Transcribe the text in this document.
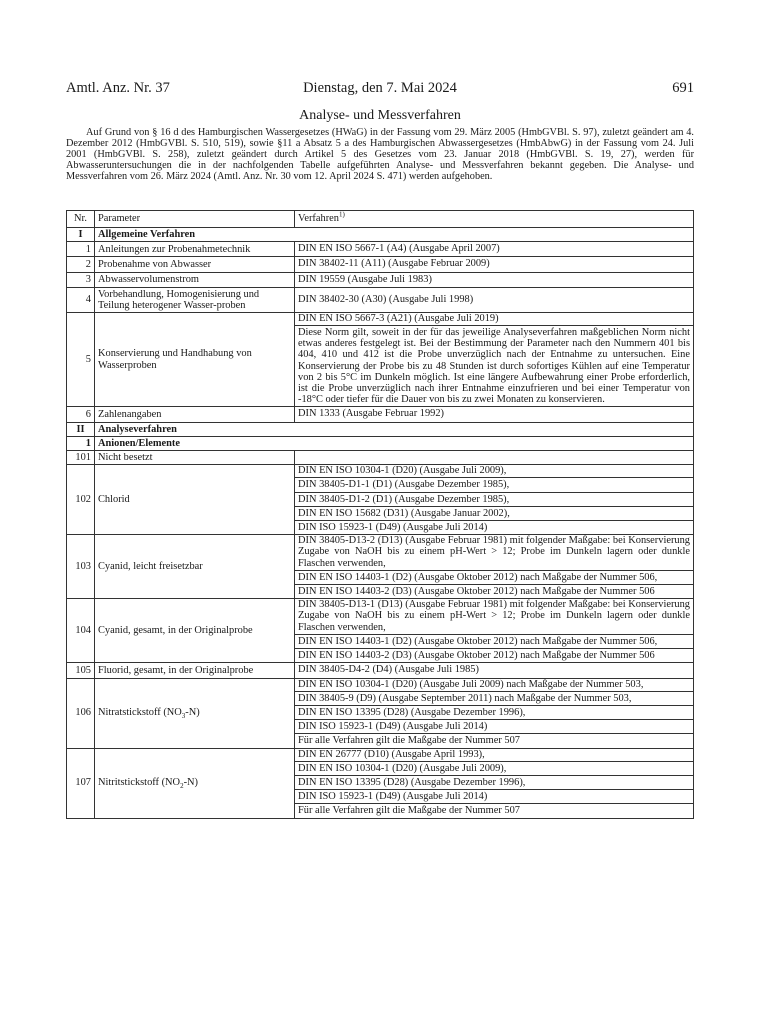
Amtl. Anz. Nr. 37	Dienstag, den 7. Mai 2024	691
Analyse- und Messverfahren

Auf Grund von § 16 d des Hamburgischen Wassergesetzes (HWaG) in der Fassung vom 29. März 2005 (HmbGVBl. S. 97), zuletzt geändert am 4. Dezember 2012 (HmbGVBl. S. 510, 519), sowie §11 a Absatz 5 a des Hamburgischen Abwassergesetzes (HmbAbwG) in der Fassung vom 24. Juli 2001 (HmbGVBl. S. 258), zuletzt geändert durch Artikel 5 des Gesetzes vom 23. Januar 2018 (HmbGVBl. S. 19, 27), werden für Abwasseruntersuchungen die in der nachfolgenden Tabelle aufgeführten Analyse- und Messverfahren bekannt gegeben. Die Analyse- und Messverfahren vom 26. März 2024 (Amtl. Anz. Nr. 30 vom 12. April 2024 S. 471) werden aufgehoben.

Nr.	Parameter	Verfahren$^{1)}$
I	Allgemeine Verfahren	
1	Anleitungen zur Probenahmetechnik	DIN EN ISO 5667-1 (A4) (Ausgabe April 2007)

2	Probenahme von Abwasser	DIN 38402-11 (A11) (Ausgabe Februar 2009)

3	Abwasservolumenstrom	DIN 19559 (Ausgabe Juli 1983)

4	Vorbehandlung, Homogenisierung und Teilung heterogener Wasser-proben	DIN 38402-30 (A30) (Ausgabe Juli 1998)

5	Konservierung und Handhabung von Wasserproben	DIN EN ISO 5667-3 (A21) (Ausgabe Juli 2019)
Diese Norm gilt, soweit in der für das jeweilige Analyseverfahren maßgeblichen Norm nicht etwas anderes festgelegt ist. Bei der Bestimmung der Parameter nach den Nummern 401 bis 404, 410 und 412 ist die Probe unverzüglich nach der Entnahme zu untersuchen. Eine Konservierung der Probe bis zu 48 Stunden ist durch sofortiges Kühlen auf eine Temperatur von 2 bis 5°C im Dunkeln möglich. Ist eine längere Aufbewahrung einer Probe erforderlich, ist die Probe unverzüglich nach ihrer Entnahme einzufrieren und bei einer Temperatur von -18°C oder tiefer für die Dauer von bis zu zwei Monaten zu konservieren.

6	Zahlenangaben	DIN 1333 (Ausgabe Februar 1992)

II	Analyseverfahren	
1	Anionen/Elemente	
101	Nicht besetzt	
102	Chlorid	DIN EN ISO 10304-1 (D20) (Ausgabe Juli 2009),
DIN 38405-D1-1 (D1) (Ausgabe Dezember 1985),
DIN 38405-D1-2 (D1) (Ausgabe Dezember 1985),
DIN EN ISO 15682 (D31) (Ausgabe Januar 2002),
DIN ISO 15923-1 (D49) (Ausgabe Juli 2014)

103	Cyanid, leicht freisetzbar	DIN 38405-D13-2 (D13) (Ausgabe Februar 1981) mit folgender Maßgabe: bei Konservierung Zugabe von NaOH bis zu einem pH-Wert > 12; Probe im Dunkeln lagern oder dunkle Flaschen verwenden,
DIN EN ISO 14403-1 (D2) (Ausgabe Oktober 2012) nach Maßgabe der Nummer 506,
DIN EN ISO 14403-2 (D3) (Ausgabe Oktober 2012) nach Maßgabe der Nummer 506

104	Cyanid, gesamt, in der Originalprobe	DIN 38405-D13-1 (D13) (Ausgabe Februar 1981) mit folgender Maßgabe: bei Konservierung Zugabe von NaOH bis zu einem pH-Wert > 12; Probe im Dunkeln lagern oder dunkle Flaschen verwenden,
DIN EN ISO 14403-1 (D2) (Ausgabe Oktober 2012) nach Maßgabe der Nummer 506,
DIN EN ISO 14403-2 (D3) (Ausgabe Oktober 2012) nach Maßgabe der Nummer 506

105	Fluorid, gesamt, in der Originalprobe	DIN 38405-D4-2 (D4) (Ausgabe Juli 1985)

106	Nitratstickstoff $(NO_3-N)$	DIN EN ISO 10304-1 (D20) (Ausgabe Juli 2009) nach Maßgabe der Nummer 503,
DIN 38405-9 (D9) (Ausgabe September 2011) nach Maßgabe der Nummer 503,
DIN EN ISO 13395 (D28) (Ausgabe Dezember 1996),
DIN ISO 15923-1 (D49) (Ausgabe Juli 2014)
Für alle Verfahren gilt die Maßgabe der Nummer 507

107	Nitritstickstoff $(NO_2-N)$	DIN EN 26777 (D10) (Ausgabe April 1993),
DIN EN ISO 10304-1 (D20) (Ausgabe Juli 2009),
DIN EN ISO 13395 (D28) (Ausgabe Dezember 1996),
DIN ISO 15923-1 (D49) (Ausgabe Juli 2014)
Für alle Verfahren gilt die Maßgabe der Nummer 507
